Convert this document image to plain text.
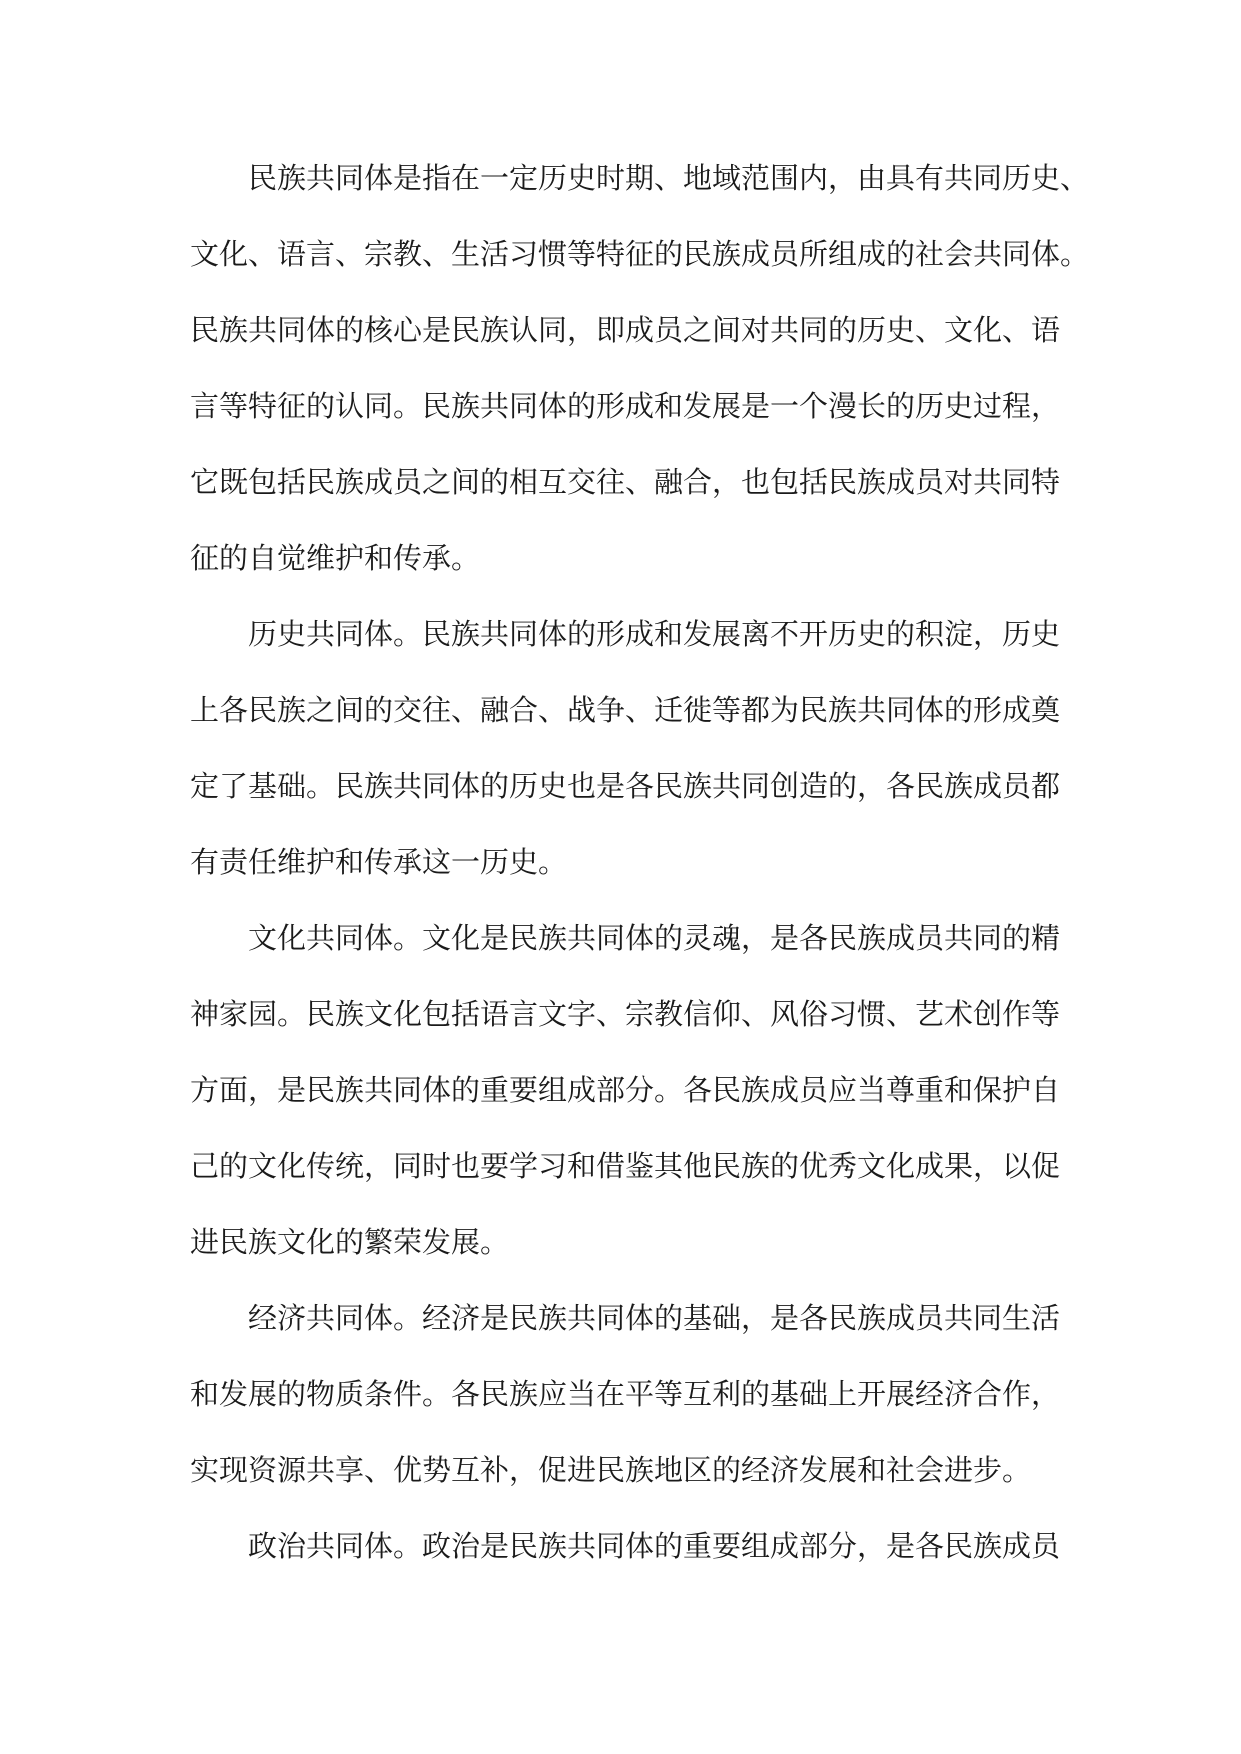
民族共同体是指在一定历史时期、地域范围内，由具有共同历史、
文化、语言、宗教、生活习惯等特征的民族成员所组成的社会共同体。
民族共同体的核心是民族认同，即成员之间对共同的历史、文化、语
言等特征的认同。民族共同体的形成和发展是一个漫长的历史过程，
它既包括民族成员之间的相互交往、融合，也包括民族成员对共同特
征的自觉维护和传承。
历史共同体。民族共同体的形成和发展离不开历史的积淀，历史
上各民族之间的交往、融合、战争、迁徙等都为民族共同体的形成奠
定了基础。民族共同体的历史也是各民族共同创造的，各民族成员都
有责任维护和传承这一历史。
文化共同体。文化是民族共同体的灵魂，是各民族成员共同的精
神家园。民族文化包括语言文字、宗教信仰、风俗习惯、艺术创作等
方面，是民族共同体的重要组成部分。各民族成员应当尊重和保护自
己的文化传统，同时也要学习和借鉴其他民族的优秀文化成果，以促
进民族文化的繁荣发展。
经济共同体。经济是民族共同体的基础，是各民族成员共同生活
和发展的物质条件。各民族应当在平等互利的基础上开展经济合作，
实现资源共享、优势互补，促进民族地区的经济发展和社会进步。
政治共同体。政治是民族共同体的重要组成部分，是各民族成员
